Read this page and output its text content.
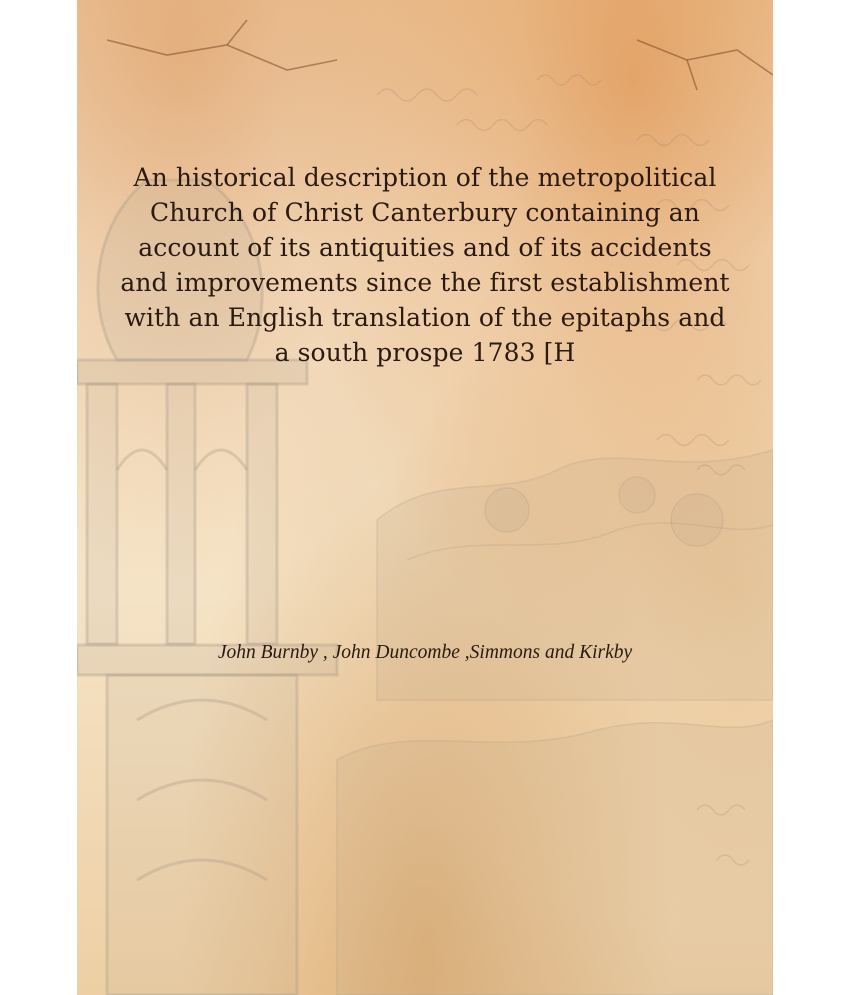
An historical description of the metropolitical Church of Christ Canterbury containing an account of its antiquities and of its accidents and improvements since the first establishment with an English translation of the epitaphs and a south prospe 1783 [H

John Burnby , John Duncombe ,Simmons and Kirkby
